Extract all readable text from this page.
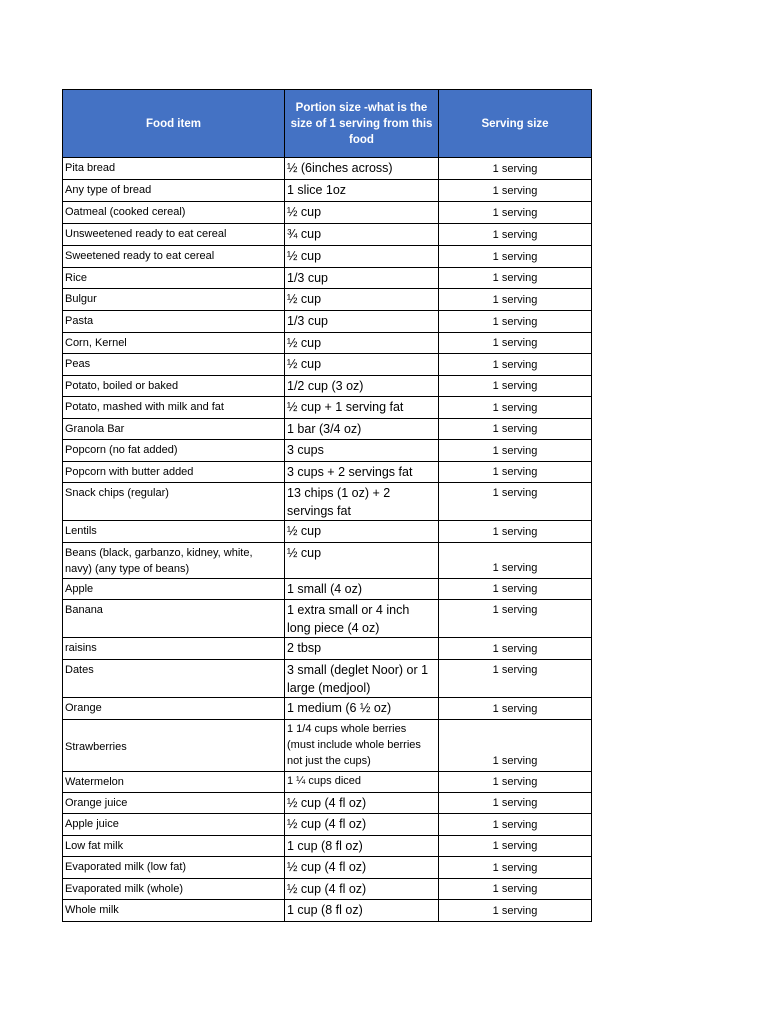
Food item	Portion size -what is the size of 1 serving from this food	Serving size
Pita bread	½ (6inches across)	1 serving
Any type of bread	1 slice 1oz	1 serving
Oatmeal (cooked cereal)	½ cup	1 serving
Unsweetened ready to eat cereal	¾ cup	1 serving
Sweetened ready to eat cereal	½ cup	1 serving
Rice	1/3 cup	1 serving
Bulgur	½ cup	1 serving
Pasta	1/3 cup	1 serving
Corn, Kernel	½ cup	1 serving
Peas	½ cup	1 serving
Potato, boiled or baked	1/2 cup (3 oz)	1 serving
Potato, mashed with milk and fat	½ cup + 1 serving fat	1 serving
Granola Bar	1 bar (3/4 oz)	1 serving
Popcorn (no fat added)	3 cups	1 serving
Popcorn with butter added	3 cups + 2 servings fat	1 serving
Snack chips (regular)	13 chips (1 oz) + 2 servings fat	1 serving
Lentils	½ cup	1 serving
Beans (black, garbanzo, kidney, white, navy) (any type of beans)	½ cup	1 serving
Apple	1 small (4 oz)	1 serving
Banana	1 extra small or 4 inch long piece (4 oz)	1 serving
raisins	2 tbsp	1 serving
Dates	3 small (deglet Noor) or 1 large (medjool)	1 serving
Orange	1 medium (6 ½ oz)	1 serving
Strawberries	1 1/4 cups whole berries (must include whole berries not just the cups)	1 serving
Watermelon	1 ¼ cups diced	1 serving
Orange juice	½ cup (4 fl oz)	1 serving
Apple juice	½ cup (4 fl oz)	1 serving
Low fat milk	1 cup (8 fl oz)	1 serving
Evaporated milk (low fat)	½ cup (4 fl oz)	1 serving
Evaporated milk (whole)	½ cup (4 fl oz)	1 serving
Whole milk	1 cup (8 fl oz)	1 serving
